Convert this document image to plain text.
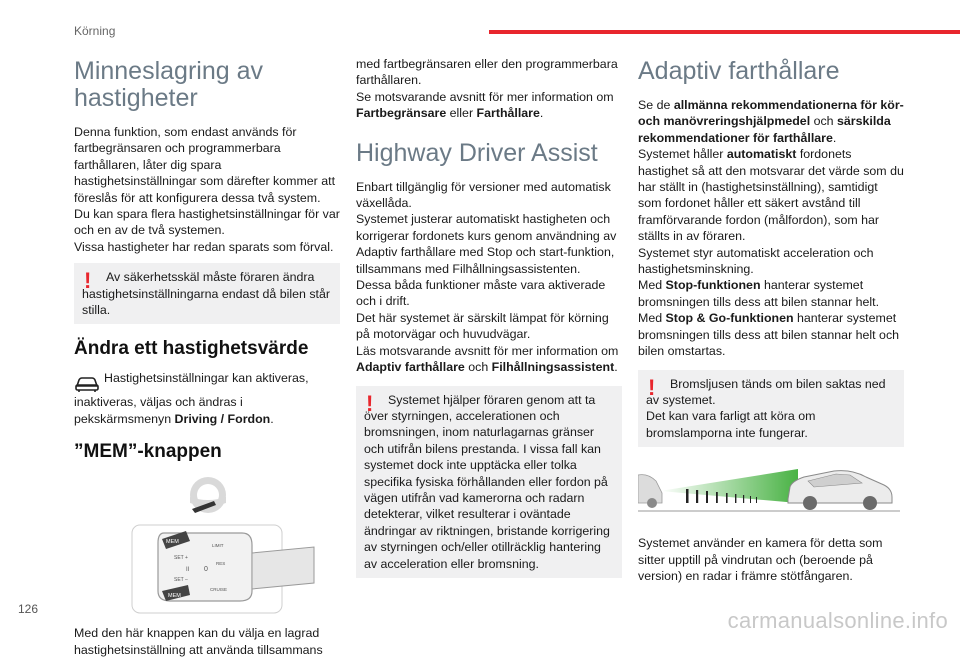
Körning
Minneslagring av hastigheter

Denna funktion, som endast används för fartbegränsaren och programmerbara farthållaren, låter dig spara hastighetsinställningar som därefter kommer att föreslås för att konfigurera dessa två system.

Du kan spara flera hastighetsinställningar för var och en av de två systemen.

Vissa hastigheter har redan sparats som förval.

! Av säkerhetsskäl måste föraren ändra hastighetsinställningarna endast då bilen står stilla.
Ändra ett hastighetsvärde

Hastighetsinställningar kan aktiveras, inaktiveras, väljas och ändras i pekskärmsmenyn Driving / Fordon.

”MEM”-knappen
MEM
SET +
SET –
LIMIT
RES
0
II
CRUISE
MEM

Med den här knappen kan du välja en lagrad hastighetsinställning att använda tillsammans

med fartbegränsaren eller den programmerbara farthållaren.

Se motsvarande avsnitt för mer information om Fartbegränsare eller Farthållare.

Highway Driver Assist

Enbart tillgänglig för versioner med automatisk växellåda.

Systemet justerar automatiskt hastigheten och korrigerar fordonets kurs genom användning av Adaptiv farthållare med Stop och start-funktion, tillsammans med Filhållningsassistenten.

Dessa båda funktioner måste vara aktiverade och i drift.

Det här systemet är särskilt lämpat för körning på motorvägar och huvudvägar.

Läs motsvarande avsnitt för mer information om Adaptiv farthållare och Filhållningsassistent.

! Systemet hjälper föraren genom att ta över styrningen, accelerationen och bromsningen, inom naturlagarnas gränser och utifrån bilens prestanda. I vissa fall kan systemet dock inte upptäcka eller tolka specifika fysiska förhållanden eller fordon på vägen utifrån vad kamerorna och radarn detekterar, vilket resulterar i oväntade ändringar av riktningen, bristande korrigering av styrningen och/eller otillräcklig hantering av acceleration eller bromsning.
Adaptiv farthållare

Se de allmänna rekommendationerna för kör- och manövreringshjälpmedel och särskilda rekommendationer för farthållare.

Systemet håller automatiskt fordonets hastighet så att den motsvarar det värde som du har ställt in (hastighetsinställning), samtidigt som fordonet håller ett säkert avstånd till framförvarande fordon (målfordon), som har ställts in av föraren.

Systemet styr automatiskt acceleration och hastighetsminskning.

Med Stop-funktionen hanterar systemet bromsningen tills dess att bilen stannar helt.

Med Stop & Go-funktionen hanterar systemet bromsningen tills dess att bilen stannar helt och bilen omstartas.

! Bromsljusen tänds om bilen saktas ned av systemet.
Det kan vara farligt att köra om bromslamporna inte fungerar.

Systemet använder en kamera för detta som sitter upptill på vindrutan och (beroende på version) en radar i främre stötfångaren.

126	carmanualsonline.info
